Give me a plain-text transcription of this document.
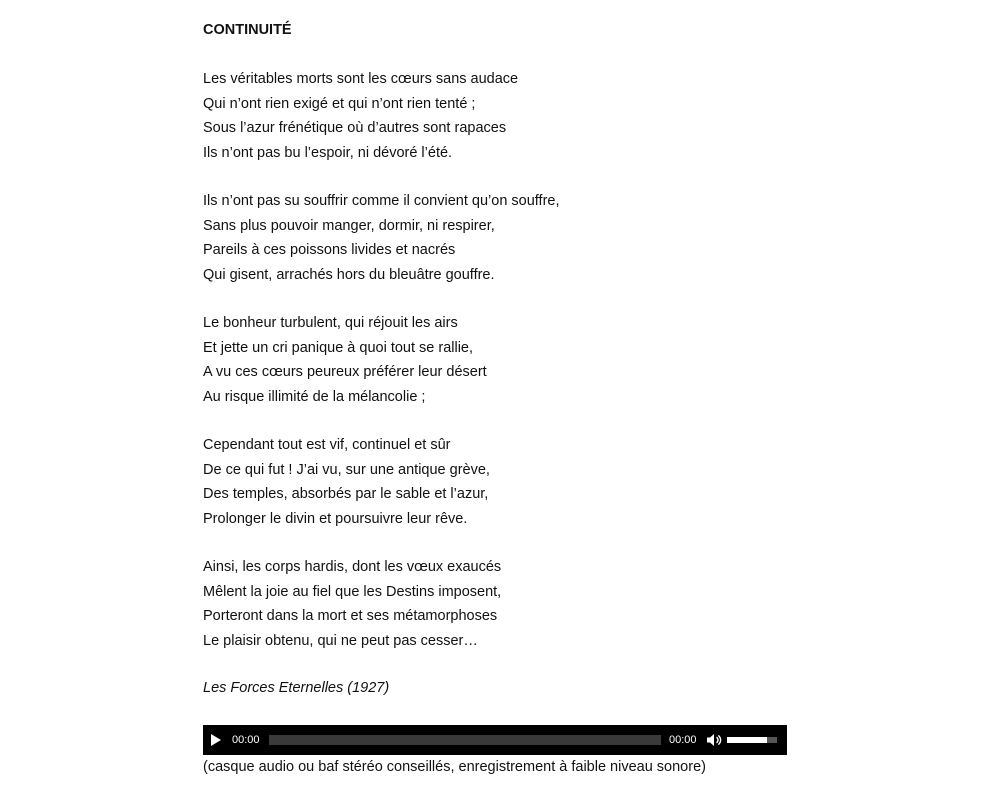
CONTINUITÉ
Les véritables morts sont les cœurs sans audace
Qui n’ont rien exigé et qui n’ont rien tenté ;
Sous l’azur frénétique où d’autres sont rapaces
Ils n’ont pas bu l’espoir, ni dévoré l’été.
Ils n’ont pas su souffrir comme il convient qu’on souffre,
Sans plus pouvoir manger, dormir, ni respirer,
Pareils à ces poissons livides et nacrés
Qui gisent, arrachés hors du bleuâtre gouffre.
Le bonheur turbulent, qui réjouit les airs
Et jette un cri panique à quoi tout se rallie,
A vu ces cœurs peureux préférer leur désert
Au risque illimité de la mélancolie ;
Cependant tout est vif, continuel et sûr
De ce qui fut ! J’ai vu, sur une antique grève,
Des temples, absorbés par le sable et l’azur,
Prolonger le divin et poursuivre leur rêve.
Ainsi, les corps hardis, dont les vœux exaucés
Mêlent la joie au fiel que les Destins imposent,
Porteront dans la mort et ses métamorphoses
Le plaisir obtenu, qui ne peut pas cesser…
Les Forces Eternelles (1927)
00:00	00:00
(casque audio ou baf stéréo conseillés, enregistrement à faible niveau sonore)
